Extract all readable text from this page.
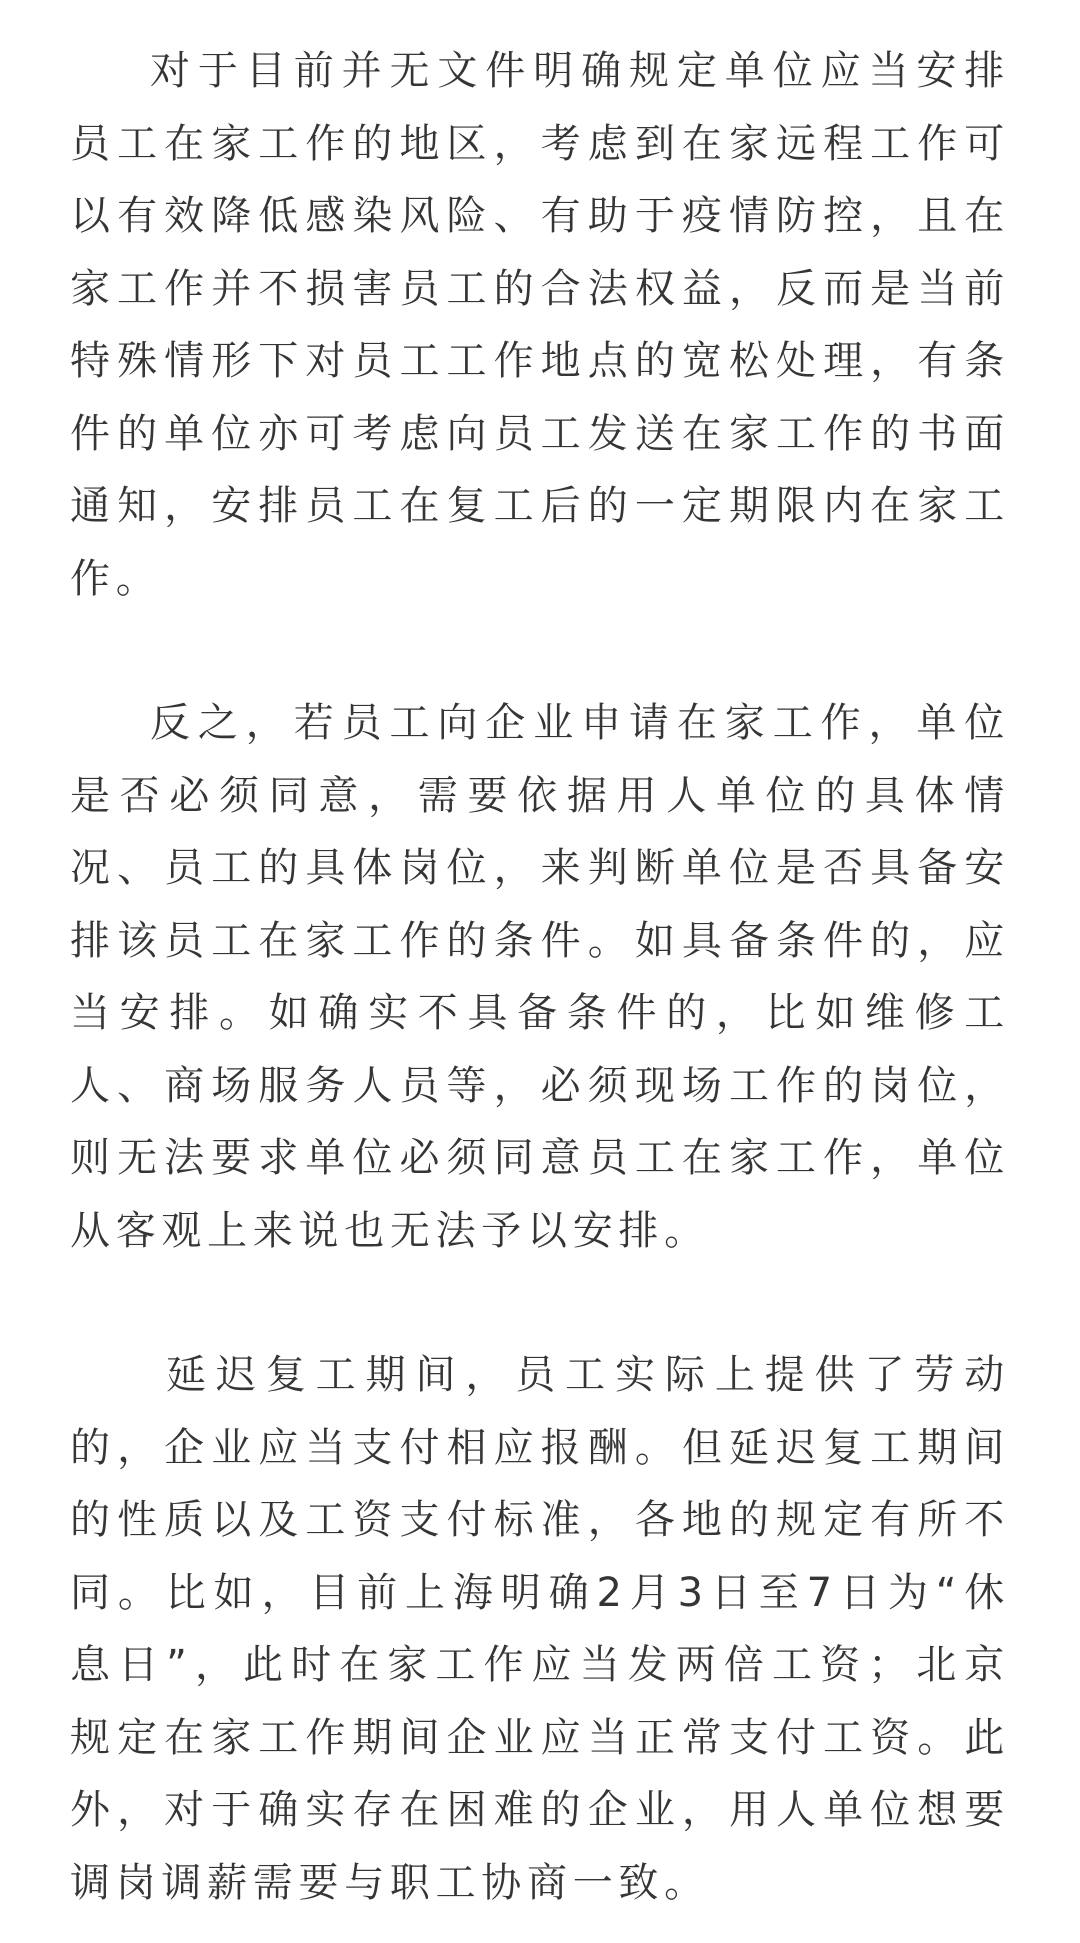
对于目前并无文件明确规定单位应当安排员工在家工作的地区，考虑到在家远程工作可以有效降低感染风险、有助于疫情防控，且在家工作并不损害员工的合法权益，反而是当前特殊情形下对员工工作地点的宽松处理，有条件的单位亦可考虑向员工发送在家工作的书面通知，安排员工在复工后的一定期限内在家工作。

反之，若员工向企业申请在家工作，单位是否必须同意，需要依据用人单位的具体情况、员工的具体岗位，来判断单位是否具备安排该员工在家工作的条件。如具备条件的，应当安排。如确实不具备条件的，比如维修工人、商场服务人员等，必须现场工作的岗位，则无法要求单位必须同意员工在家工作，单位从客观上来说也无法予以安排。

延迟复工期间，员工实际上提供了劳动的，企业应当支付相应报酬。但延迟复工期间的性质以及工资支付标准，各地的规定有所不同。比如，目前上海明确2月3日至7日为“休息日”，此时在家工作应当发两倍工资；北京规定在家工作期间企业应当正常支付工资。此外，对于确实存在困难的企业，用人单位想要调岗调薪需要与职工协商一致。
